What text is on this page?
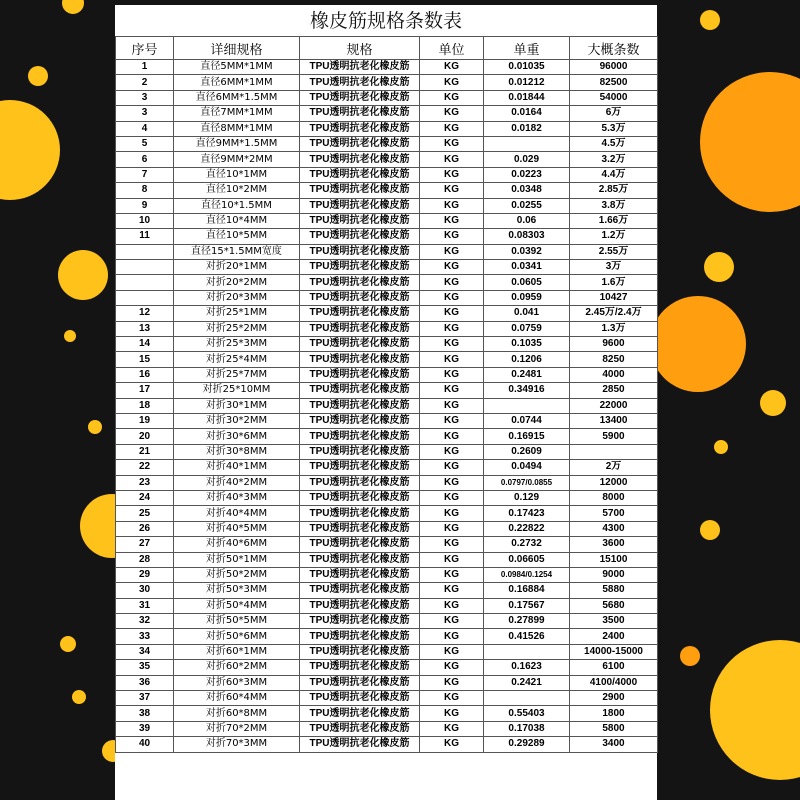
橡皮筋规格条数表
序号	详细规格	规格	单位	单重	大概条数
1	直径5MM*1MM	TPU透明抗老化橡皮筋	KG	0.01035	96000
2	直径6MM*1MM	TPU透明抗老化橡皮筋	KG	0.01212	82500
3	直径6MM*1.5MM	TPU透明抗老化橡皮筋	KG	0.01844	54000
3	直径7MM*1MM	TPU透明抗老化橡皮筋	KG	0.0164	6万
4	直径8MM*1MM	TPU透明抗老化橡皮筋	KG	0.0182	5.3万
5	直径9MM*1.5MM	TPU透明抗老化橡皮筋	KG		4.5万
6	直径9MM*2MM	TPU透明抗老化橡皮筋	KG	0.029	3.2万
7	直径10*1MM	TPU透明抗老化橡皮筋	KG	0.0223	4.4万
8	直径10*2MM	TPU透明抗老化橡皮筋	KG	0.0348	2.85万
9	直径10*1.5MM	TPU透明抗老化橡皮筋	KG	0.0255	3.8万
10	直径10*4MM	TPU透明抗老化橡皮筋	KG	0.06	1.66万
11	直径10*5MM	TPU透明抗老化橡皮筋	KG	0.08303	1.2万
	直径15*1.5MM宽度	TPU透明抗老化橡皮筋	KG	0.0392	2.55万
	对折20*1MM	TPU透明抗老化橡皮筋	KG	0.0341	3万
	对折20*2MM	TPU透明抗老化橡皮筋	KG	0.0605	1.6万
	对折20*3MM	TPU透明抗老化橡皮筋	KG	0.0959	10427
12	对折25*1MM	TPU透明抗老化橡皮筋	KG	0.041	2.45万/2.4万
13	对折25*2MM	TPU透明抗老化橡皮筋	KG	0.0759	1.3万
14	对折25*3MM	TPU透明抗老化橡皮筋	KG	0.1035	9600
15	对折25*4MM	TPU透明抗老化橡皮筋	KG	0.1206	8250
16	对折25*7MM	TPU透明抗老化橡皮筋	KG	0.2481	4000
17	对折25*10MM	TPU透明抗老化橡皮筋	KG	0.34916	2850
18	对折30*1MM	TPU透明抗老化橡皮筋	KG		22000
19	对折30*2MM	TPU透明抗老化橡皮筋	KG	0.0744	13400
20	对折30*6MM	TPU透明抗老化橡皮筋	KG	0.16915	5900
21	对折30*8MM	TPU透明抗老化橡皮筋	KG	0.2609	
22	对折40*1MM	TPU透明抗老化橡皮筋	KG	0.0494	2万
23	对折40*2MM	TPU透明抗老化橡皮筋	KG	0.0797/0.0855	12000
24	对折40*3MM	TPU透明抗老化橡皮筋	KG	0.129	8000
25	对折40*4MM	TPU透明抗老化橡皮筋	KG	0.17423	5700
26	对折40*5MM	TPU透明抗老化橡皮筋	KG	0.22822	4300
27	对折40*6MM	TPU透明抗老化橡皮筋	KG	0.2732	3600
28	对折50*1MM	TPU透明抗老化橡皮筋	KG	0.06605	15100
29	对折50*2MM	TPU透明抗老化橡皮筋	KG	0.0984/0.1254	9000
30	对折50*3MM	TPU透明抗老化橡皮筋	KG	0.16884	5880
31	对折50*4MM	TPU透明抗老化橡皮筋	KG	0.17567	5680
32	对折50*5MM	TPU透明抗老化橡皮筋	KG	0.27899	3500
33	对折50*6MM	TPU透明抗老化橡皮筋	KG	0.41526	2400
34	对折60*1MM	TPU透明抗老化橡皮筋	KG		14000-15000
35	对折60*2MM	TPU透明抗老化橡皮筋	KG	0.1623	6100
36	对折60*3MM	TPU透明抗老化橡皮筋	KG	0.2421	4100/4000
37	对折60*4MM	TPU透明抗老化橡皮筋	KG		2900
38	对折60*8MM	TPU透明抗老化橡皮筋	KG	0.55403	1800
39	对折70*2MM	TPU透明抗老化橡皮筋	KG	0.17038	5800
40	对折70*3MM	TPU透明抗老化橡皮筋	KG	0.29289	3400
